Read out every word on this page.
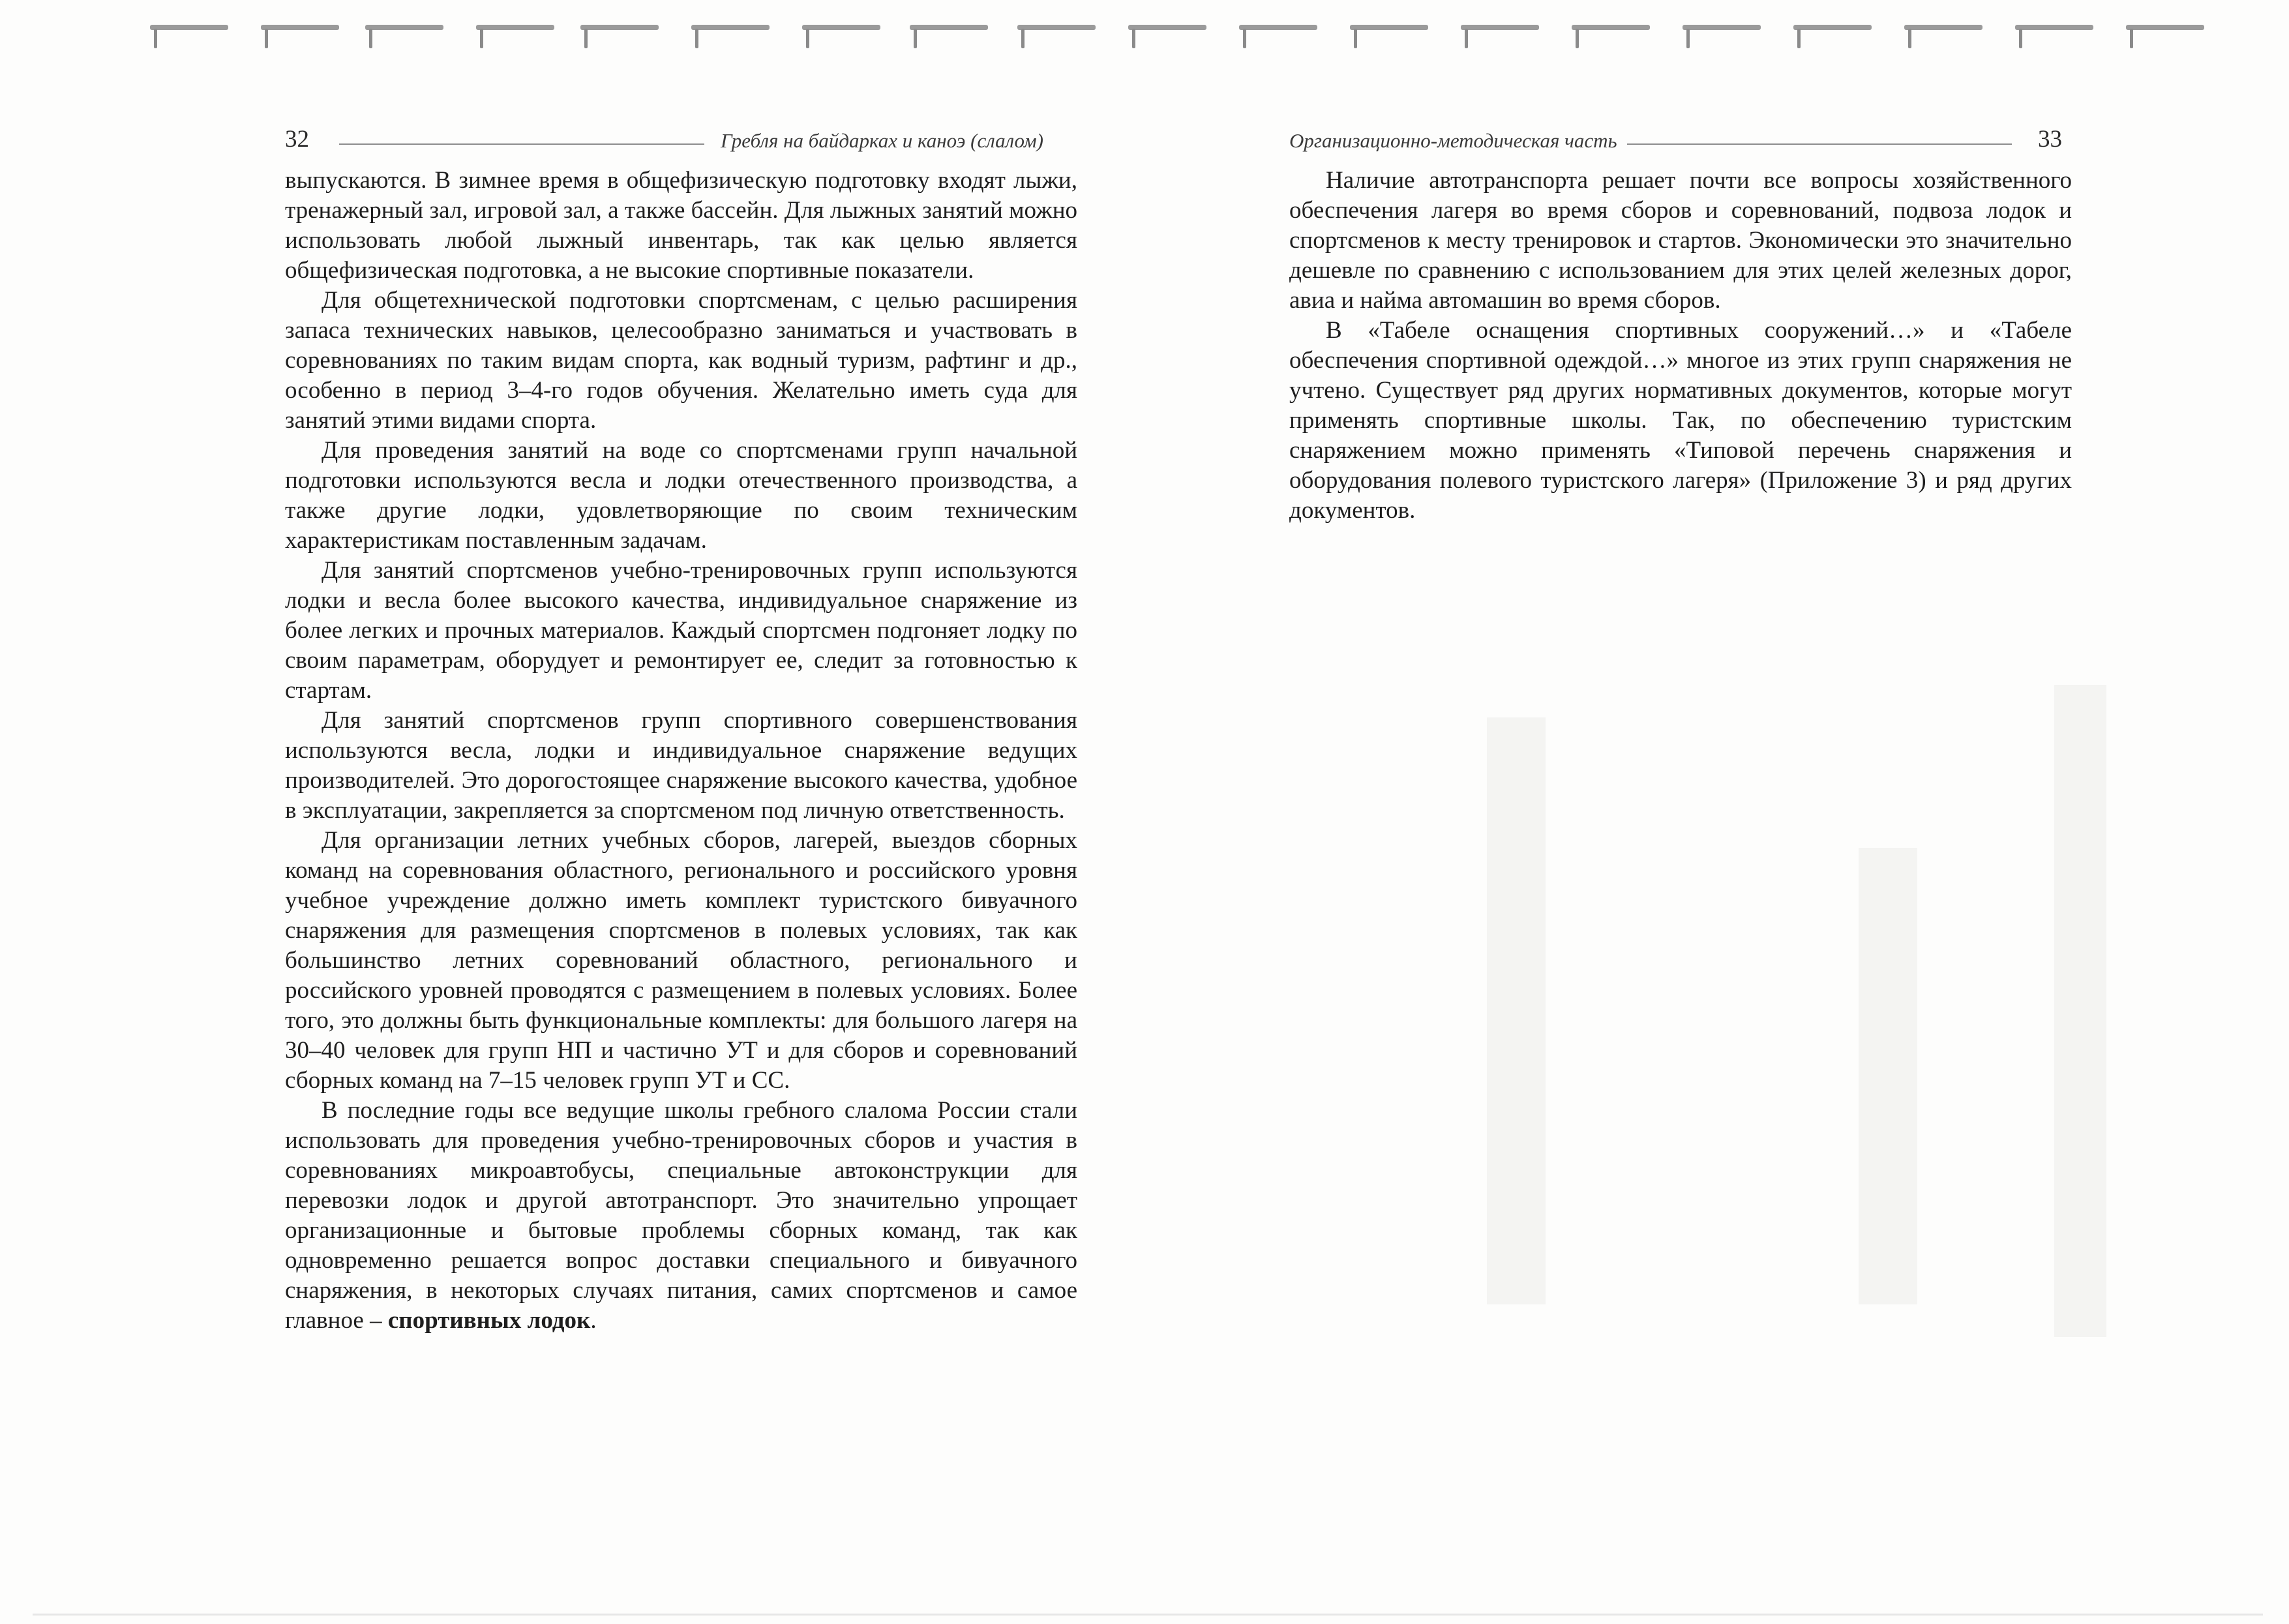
32	Гребля на байдарках и каноэ (слалом)

выпускаются. В зимнее время в общефизическую подготовку входят лыжи, тренажерный зал, игровой зал, а также бассейн. Для лыжных занятий можно использовать любой лыжный инвентарь, так как целью является общефизическая подготовка, а не высокие спортивные показатели.

Для общетехнической подготовки спортсменам, с целью расширения запаса технических навыков, целесообразно заниматься и участвовать в соревнованиях по таким видам спорта, как водный туризм, рафтинг и др., особенно в период 3–4-го годов обучения. Желательно иметь суда для занятий этими видами спорта.

Для проведения занятий на воде со спортсменами групп начальной подготовки используются весла и лодки отечественного производства, а также другие лодки, удовлетворяющие по своим техническим характеристикам поставленным задачам.

Для занятий спортсменов учебно-тренировочных групп используются лодки и весла более высокого качества, индивидуальное снаряжение из более легких и прочных материалов. Каждый спортсмен подгоняет лодку по своим параметрам, оборудует и ремонтирует ее, следит за готовностью к стартам.

Для занятий спортсменов групп спортивного совершенствования используются весла, лодки и индивидуальное снаряжение ведущих производителей. Это дорогостоящее снаряжение высокого качества, удобное в эксплуатации, закрепляется за спортсменом под личную ответственность.

Для организации летних учебных сборов, лагерей, выездов сборных команд на соревнования областного, регионального и российского уровня учебное учреждение должно иметь комплект туристского бивуачного снаряжения для размещения спортсменов в полевых условиях, так как большинство летних соревнований областного, регионального и российского уровней проводятся с размещением в полевых условиях. Более того, это должны быть функциональные комплекты: для большого лагеря на 30–40 человек для групп НП и частично УТ и для сборов и соревнований сборных команд на 7–15 человек групп УТ и СС.

В последние годы все ведущие школы гребного слалома России стали использовать для проведения учебно-тренировочных сборов и участия в соревнованиях микроавтобусы, специальные автоконструкции для перевозки лодок и другой автотранспорт. Это значительно упрощает организационные и бытовые проблемы сборных команд, так как одновременно решается вопрос доставки специального и бивуачного снаряжения, в некоторых случаях питания, самих спортсменов и самое главное – спортивных лодок.

Организационно-методическая часть	33

Наличие автотранспорта решает почти все вопросы хозяйственного обеспечения лагеря во время сборов и соревнований, подвоза лодок и спортсменов к месту тренировок и стартов. Экономически это значительно дешевле по сравнению с использованием для этих целей железных дорог, авиа и найма автомашин во время сборов.

В «Табеле оснащения спортивных сооружений…» и «Табеле обеспечения спортивной одеждой…» многое из этих групп снаряжения не учтено. Существует ряд других нормативных документов, которые могут применять спортивные школы. Так, по обеспечению туристским снаряжением можно применять «Типовой перечень снаряжения и оборудования полевого туристского лагеря» (Приложение 3) и ряд других документов.
